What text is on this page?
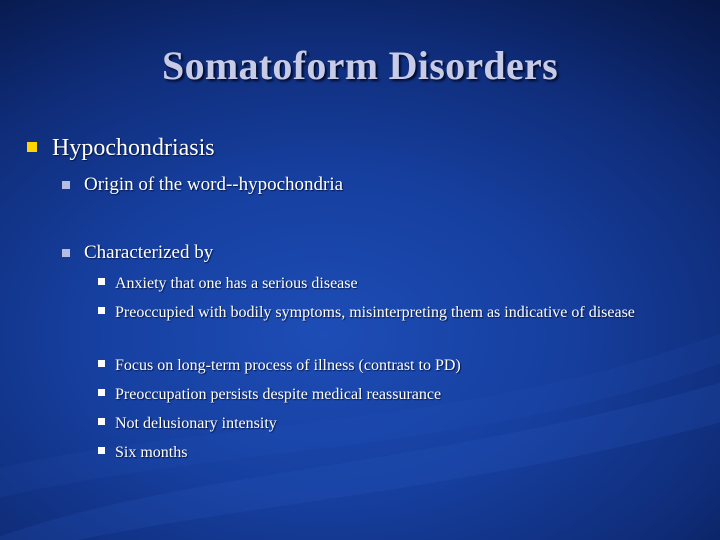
Somatoform Disorders
Hypochondriasis
Origin of the word--hypochondria
Characterized by
Anxiety that one has a serious disease
Preoccupied with bodily symptoms, misinterpreting them as indicative of disease
Focus on long-term process of illness (contrast to PD)
Preoccupation persists despite medical reassurance
Not delusionary intensity
Six months
